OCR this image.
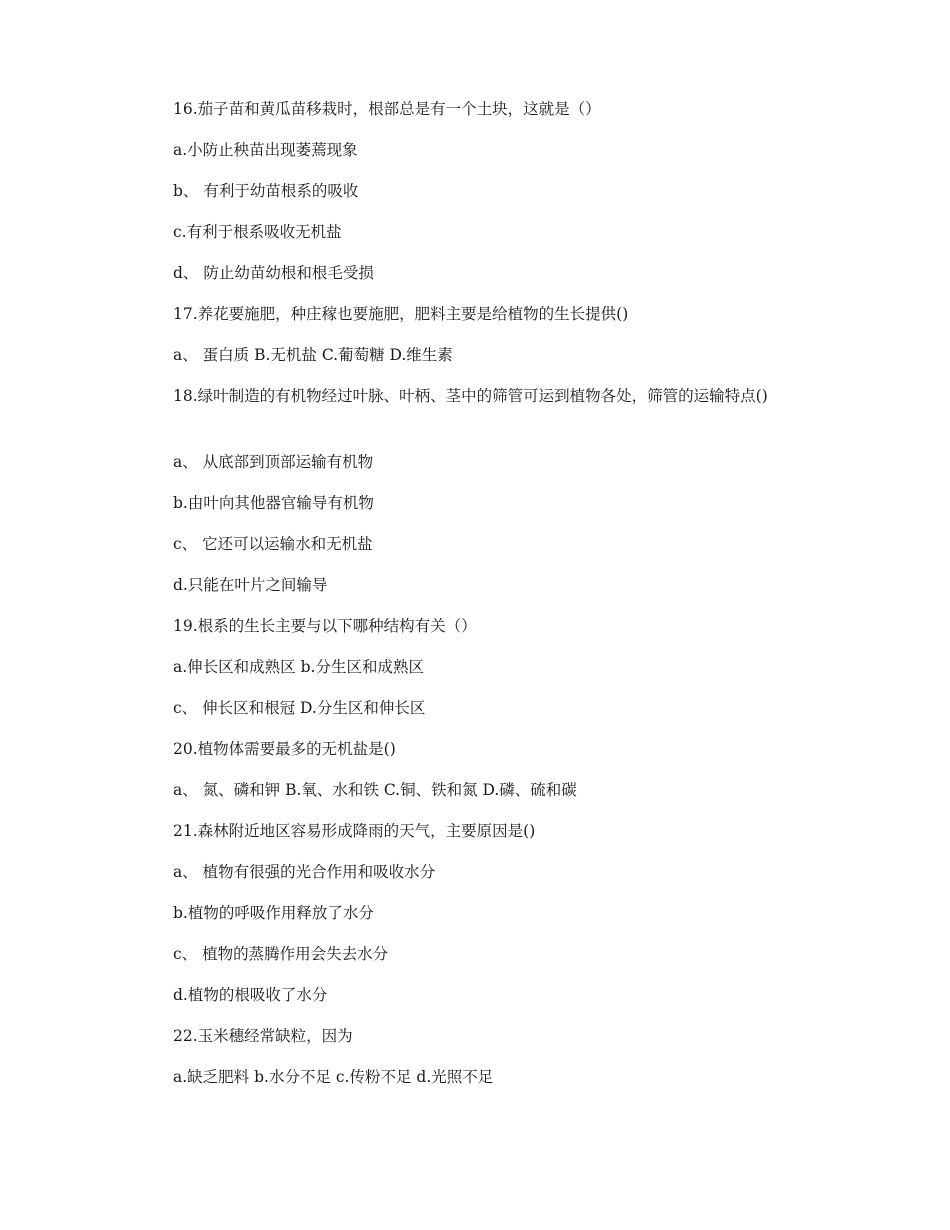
16.茄子苗和黄瓜苗移栽时，根部总是有一个土块，这就是（）
a.小防止秧苗出现萎蔫现象
b、 有利于幼苗根系的吸收
c.有利于根系吸收无机盐
d、 防止幼苗幼根和根毛受损
17.养花要施肥，种庄稼也要施肥，肥料主要是给植物的生长提供()
a、 蛋白质 B.无机盐 C.葡萄糖 D.维生素
18.绿叶制造的有机物经过叶脉、叶柄、茎中的筛管可运到植物各处，筛管的运输特点()
a、 从底部到顶部运输有机物
b.由叶向其他器官输导有机物
c、 它还可以运输水和无机盐
d.只能在叶片之间输导
19.根系的生长主要与以下哪种结构有关（）
a.伸长区和成熟区 b.分生区和成熟区
c、 伸长区和根冠 D.分生区和伸长区
20.植物体需要最多的无机盐是()
a、 氮、磷和钾 B.氧、水和铁 C.铜、铁和氮 D.磷、硫和碳
21.森林附近地区容易形成降雨的天气，主要原因是()
a、 植物有很强的光合作用和吸收水分
b.植物的呼吸作用释放了水分
c、 植物的蒸腾作用会失去水分
d.植物的根吸收了水分
22.玉米穗经常缺粒，因为
a.缺乏肥料 b.水分不足 c.传粉不足 d.光照不足
